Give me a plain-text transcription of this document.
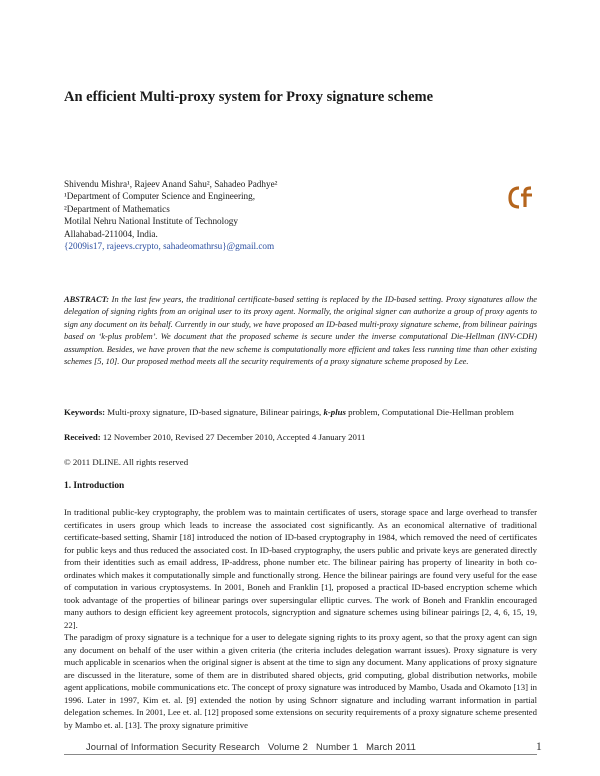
An efficient Multi-proxy system for Proxy signature scheme
Shivendu Mishra¹, Rajeev Anand Sahu², Sahadeo Padhye²
¹Department of Computer Science and Engineering,
²Department of Mathematics
Motilal Nehru National Institute of Technology
Allahabad-211004, India.
{2009is17, rajeevs.crypto, sahadeomathrsu}@gmail.com
ABSTRACT: In the last few years, the traditional certificate-based setting is replaced by the ID-based setting. Proxy signatures allow the delegation of signing rights from an original user to its proxy agent. Normally, the original signer can authorize a group of proxy agents to sign any document on its behalf. Currently in our study, we have proposed an ID-based multi-proxy signature scheme, from bilinear pairings based on ‘k-plus problem’. We document that the proposed scheme is secure under the inverse computational Die-Hellman (INV-CDH) assumption. Besides, we have proven that the new scheme is computationally more efficient and takes less running time than other existing schemes [5, 10]. Our proposed method meets all the security requirements of a proxy signature scheme proposed by Lee.
Keywords: Multi-proxy signature, ID-based signature, Bilinear pairings, k-plus problem, Computational Die-Hellman problem
Received: 12 November 2010, Revised 27 December 2010, Accepted 4 January 2011
© 2011 DLINE. All rights reserved
1. Introduction
In traditional public-key cryptography, the problem was to maintain certificates of users, storage space and large overhead to transfer certificates in users group which leads to increase the associated cost significantly. As an economical alternative of traditional certificate-based setting, Shamir [18] introduced the notion of ID-based cryptography in 1984, which removed the need of certificates for public keys and thus reduced the associated cost. In ID-based cryptography, the users public and private keys are generated directly from their identities such as email address, IP-address, phone number etc. The bilinear pairing has property of linearity in both co-ordinates which makes it computationally simple and functionally strong. Hence the bilinear pairings are found very useful for the ease of computation in various cryptosystems. In 2001, Boneh and Franklin [1], proposed a practical ID-based encryption scheme which took advantage of the properties of bilinear parings over supersingular elliptic curves. The work of Boneh and Franklin encouraged many authors to design efficient key agreement protocols, signcryption and signature schemes using bilinear pairings [2, 4, 6, 15, 19, 22].
The paradigm of proxy signature is a technique for a user to delegate signing rights to its proxy agent, so that the proxy agent can sign any document on behalf of the user within a given criteria (the criteria includes delegation warrant issues). Proxy signature is very much applicable in scenarios when the original signer is absent at the time to sign any document. Many applications of proxy signature are discussed in the literature, some of them are in distributed shared objects, grid computing, global distribution networks, mobile agent applications, mobile communications etc. The concept of proxy signature was introduced by Mambo, Usada and Okamoto [13] in 1996. Later in 1997, Kim et. al. [9] extended the notion by using Schnorr signature and including warrant information in partial delegation schemes. In 2001, Lee et. al. [12] proposed some extensions on security requirements of a proxy signature scheme presented by Mambo et. al. [13]. The proxy signature primitive
Journal of Information Security Research Volume 2 Number 1 March 2011	1
